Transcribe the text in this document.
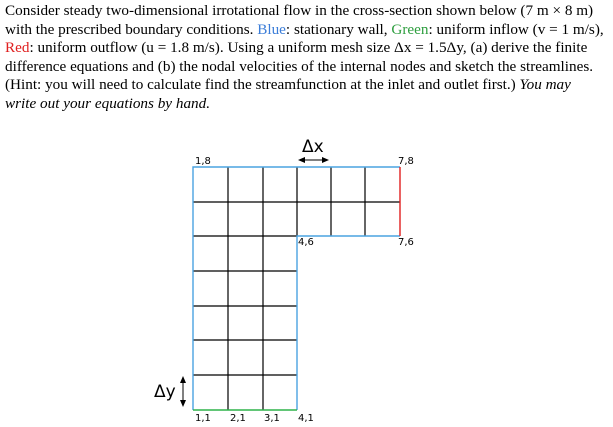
Consider steady two-dimensional irrotational flow in the cross-section shown below (7 m × 8 m) with the prescribed boundary conditions. Blue: stationary wall, Green: uniform inflow (v = 1 m/s), Red: uniform outflow (u = 1.8 m/s). Using a uniform mesh size Δx = 1.5Δy, (a) derive the finite difference equations and (b) the nodal velocities of the internal nodes and sketch the streamlines. (Hint: you will need to calculate find the streamfunction at the inlet and outlet first.) You may write out your equations by hand.
Δx
Δy
1,8	7,8
4,6	7,6
1,1 2,1 3,1 4,1
